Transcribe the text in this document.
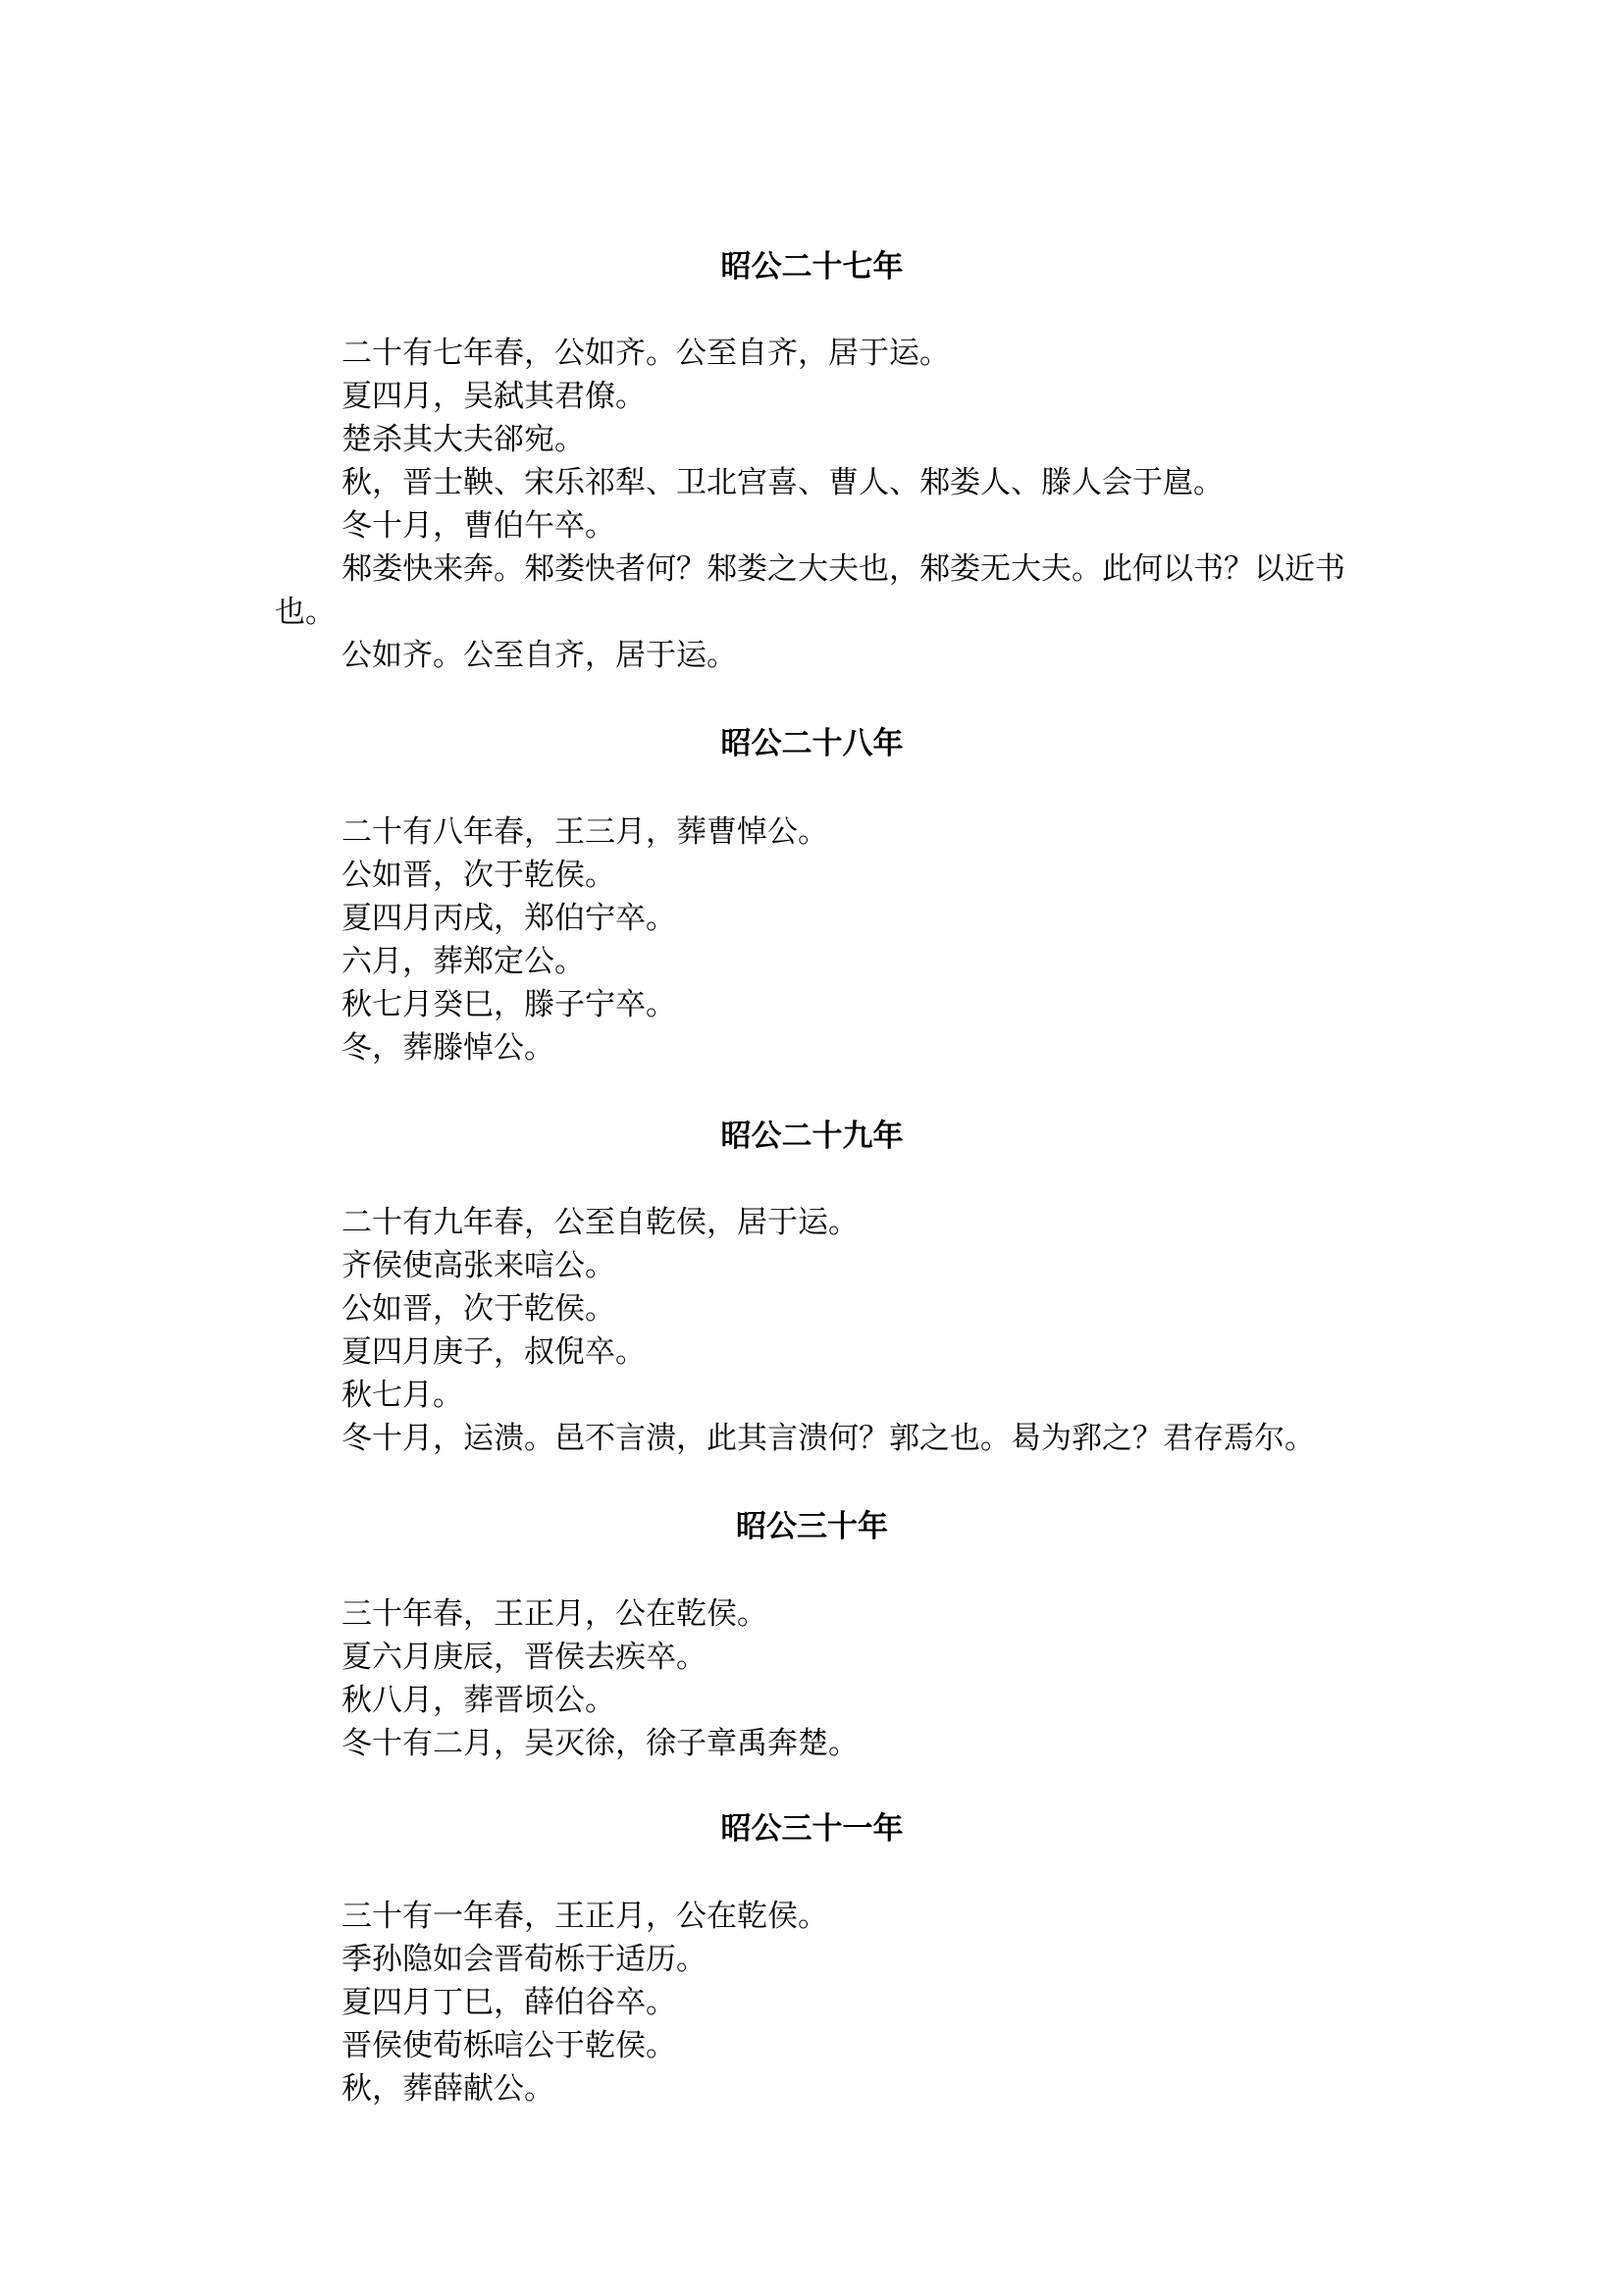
昭公二十七年
二十有七年春，公如齐。公至自齐，居于运。
夏四月，吴弑其君僚。
楚杀其大夫郤宛。
秋，晋士鞅、宋乐祁犁、卫北宫喜、曹人、邾娄人、滕人会于扈。
冬十月，曹伯午卒。
邾娄快来奔。邾娄快者何？邾娄之大夫也，邾娄无大夫。此何以书？以近书也。
公如齐。公至自齐，居于运。
昭公二十八年
二十有八年春，王三月，葬曹悼公。
公如晋，次于乾侯。
夏四月丙戌，郑伯宁卒。
六月，葬郑定公。
秋七月癸巳，滕子宁卒。
冬，葬滕悼公。
昭公二十九年
二十有九年春，公至自乾侯，居于运。
齐侯使高张来唁公。
公如晋，次于乾侯。
夏四月庚子，叔倪卒。
秋七月。
冬十月，运溃。邑不言溃，此其言溃何？郭之也。曷为郛之？君存焉尔。
昭公三十年
三十年春，王正月，公在乾侯。
夏六月庚辰，晋侯去疾卒。
秋八月，葬晋顷公。
冬十有二月，吴灭徐，徐子章禹奔楚。
昭公三十一年
三十有一年春，王正月，公在乾侯。
季孙隐如会晋荀栎于适历。
夏四月丁巳，薛伯谷卒。
晋侯使荀栎唁公于乾侯。
秋，葬薛献公。
